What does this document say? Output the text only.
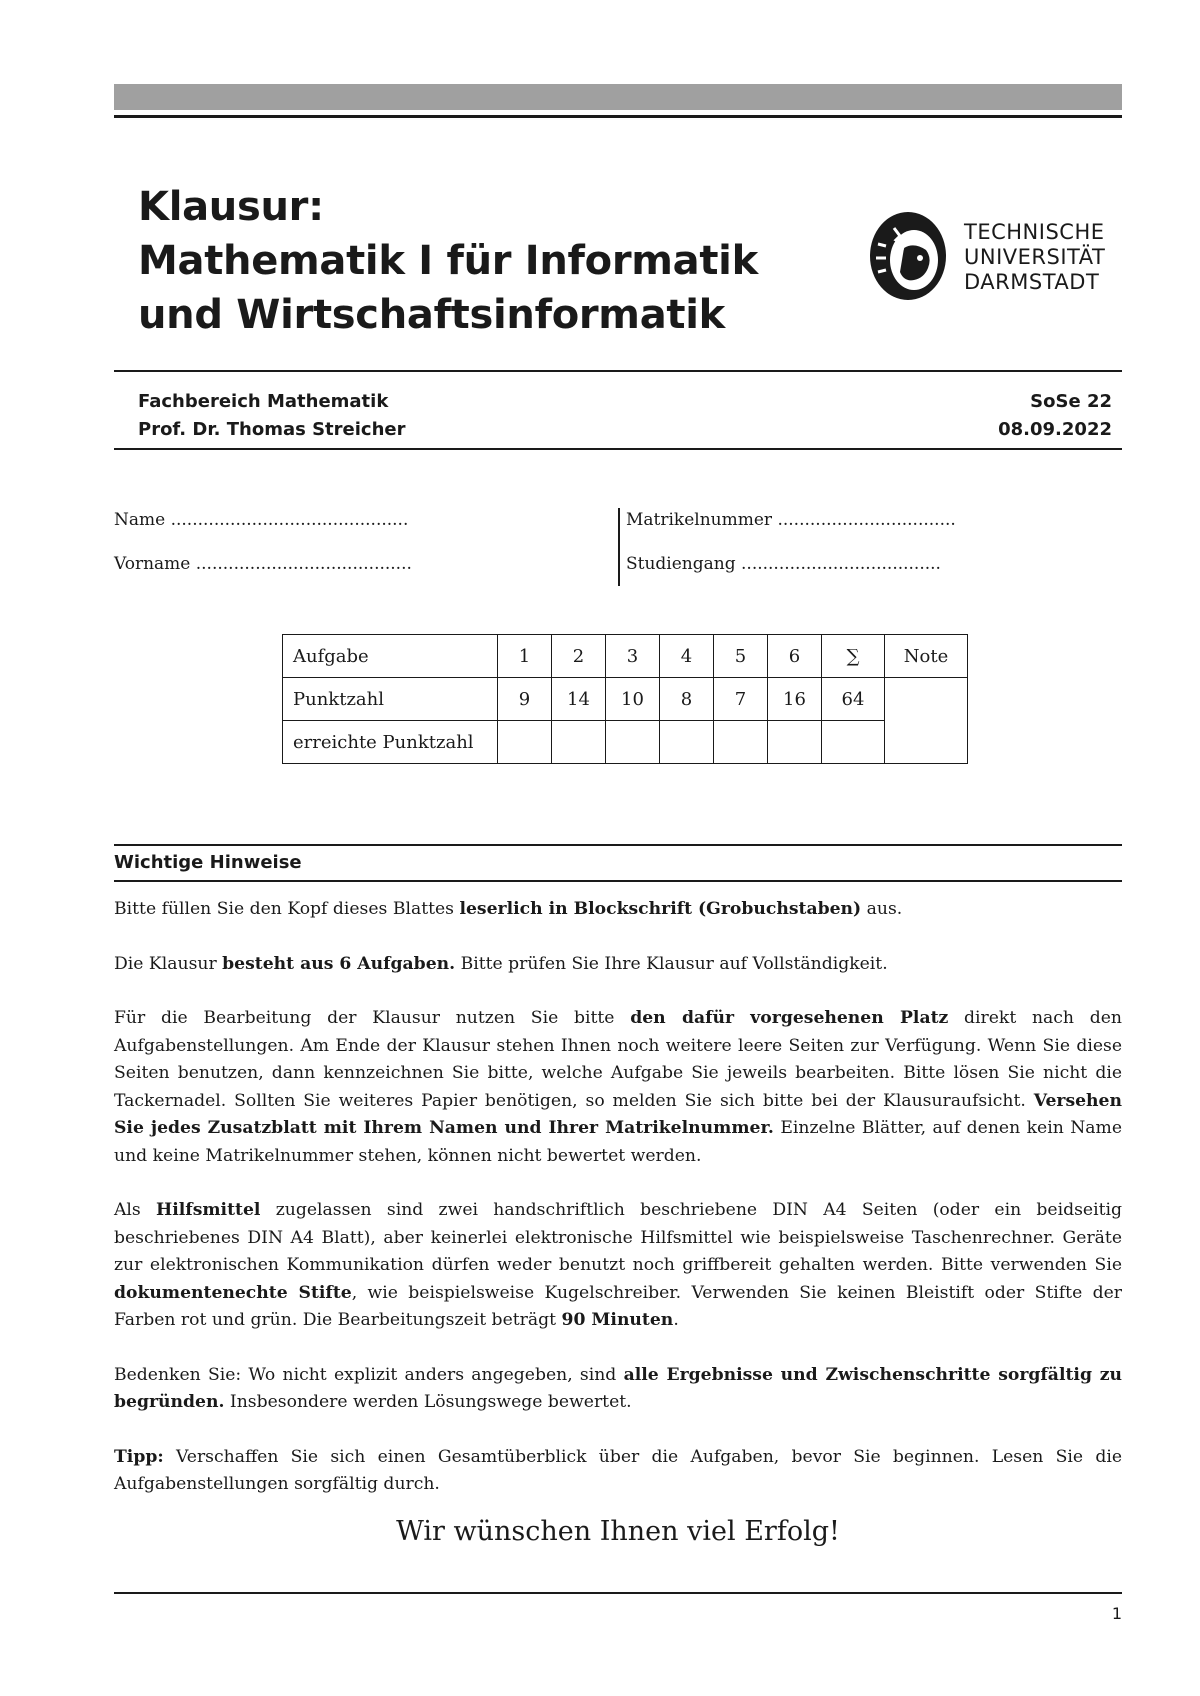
Klausur:
Mathematik I für Informatik
und Wirtschaftsinformatik
TECHNISCHE
UNIVERSITÄT
DARMSTADT
Fachbereich Mathematik	SoSe 22
Prof. Dr. Thomas Streicher	08.09.2022
Name ............................................
Vorname ........................................
Matrikelnummer .................................
Studiengang .....................................
Aufgabe	1	2	3	4	5	6	∑	Note
Punktzahl	9	14	10	8	7	16	64	
erreichte Punktzahl								
Wichtige Hinweise

Bitte füllen Sie den Kopf dieses Blattes leserlich in Blockschrift (Grobuchstaben) aus.

Die Klausur besteht aus 6 Aufgaben. Bitte prüfen Sie Ihre Klausur auf Vollständigkeit.

Für die Bearbeitung der Klausur nutzen Sie bitte den dafür vorgesehenen Platz direkt nach den Aufgabenstellungen. Am Ende der Klausur stehen Ihnen noch weitere leere Seiten zur Verfügung. Wenn Sie diese Seiten benutzen, dann kennzeichnen Sie bitte, welche Aufgabe Sie jeweils bearbeiten. Bitte lösen Sie nicht die Tackernadel. Sollten Sie weiteres Papier benötigen, so melden Sie sich bitte bei der Klausuraufsicht. Versehen Sie jedes Zusatzblatt mit Ihrem Namen und Ihrer Matrikelnummer. Einzelne Blätter, auf denen kein Name und keine Matrikelnummer stehen, können nicht bewertet werden.

Als Hilfsmittel zugelassen sind zwei handschriftlich beschriebene DIN A4 Seiten (oder ein beidseitig beschriebenes DIN A4 Blatt), aber keinerlei elektronische Hilfsmittel wie beispielsweise Taschenrechner. Geräte zur elektronischen Kommunikation dürfen weder benutzt noch griffbereit gehalten werden. Bitte verwenden Sie dokumentenechte Stifte, wie beispielsweise Kugelschreiber. Verwenden Sie keinen Bleistift oder Stifte der Farben rot und grün. Die Bearbeitungszeit beträgt 90 Minuten.

Bedenken Sie: Wo nicht explizit anders angegeben, sind alle Ergebnisse und Zwischenschritte sorgfältig zu begründen. Insbesondere werden Lösungswege bewertet.

Tipp: Verschaffen Sie sich einen Gesamtüberblick über die Aufgaben, bevor Sie beginnen. Lesen Sie die Aufgabenstellungen sorgfältig durch.

Wir wünschen Ihnen viel Erfolg!
1
